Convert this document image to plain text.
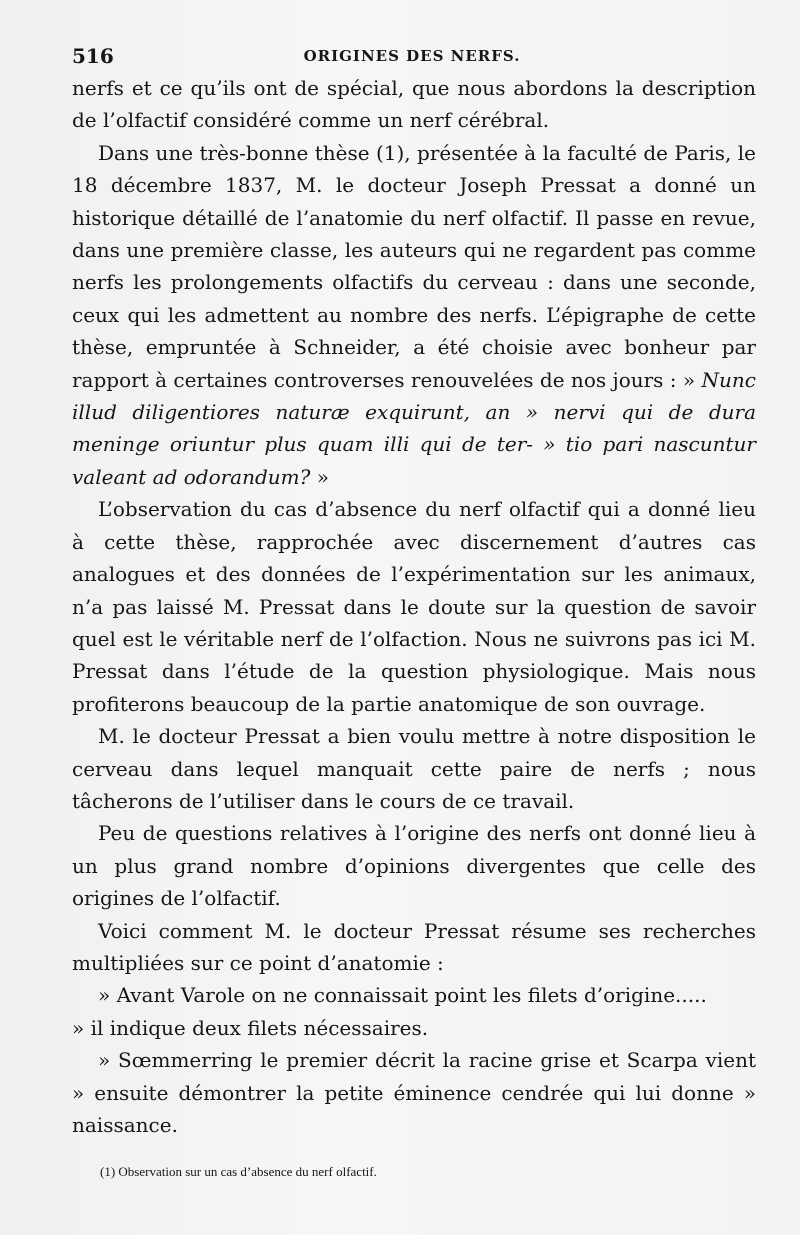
516	ORIGINES DES NERFS.

nerfs et ce qu’ils ont de spécial, que nous abordons la description de l’olfactif considéré comme un nerf cérébral.

Dans une très-bonne thèse (1), présentée à la faculté de Paris, le 18 décembre 1837, M. le docteur Joseph Pressat a donné un historique détaillé de l’anatomie du nerf olfactif. Il passe en revue, dans une première classe, les auteurs qui ne regardent pas comme nerfs les prolongements olfactifs du cerveau : dans une seconde, ceux qui les admettent au nombre des nerfs. L’épigraphe de cette thèse, empruntée à Schneider, a été choisie avec bonheur par rapport à certaines controverses renouvelées de nos jours : » Nunc illud diligentiores naturæ exquirunt, an » nervi qui de dura meninge oriuntur plus quam illi qui de ter- » tio pari nascuntur valeant ad odorandum? »

L’observation du cas d’absence du nerf olfactif qui a donné lieu à cette thèse, rapprochée avec discernement d’autres cas analogues et des données de l’expérimentation sur les animaux, n’a pas laissé M. Pressat dans le doute sur la question de savoir quel est le véritable nerf de l’olfaction. Nous ne suivrons pas ici M. Pressat dans l’étude de la question physiologique. Mais nous profiterons beaucoup de la partie anatomique de son ouvrage.

M. le docteur Pressat a bien voulu mettre à notre disposition le cerveau dans lequel manquait cette paire de nerfs ; nous tâcherons de l’utiliser dans le cours de ce travail.

Peu de questions relatives à l’origine des nerfs ont donné lieu à un plus grand nombre d’opinions divergentes que celle des origines de l’olfactif.

Voici comment M. le docteur Pressat résume ses recherches multipliées sur ce point d’anatomie :

» Avant Varole on ne connaissait point les filets d’origine.....
» il indique deux filets nécessaires.

» Sœmmerring le premier décrit la racine grise et Scarpa vient » ensuite démontrer la petite éminence cendrée qui lui donne » naissance.

(1) Observation sur un cas d’absence du nerf olfactif.
